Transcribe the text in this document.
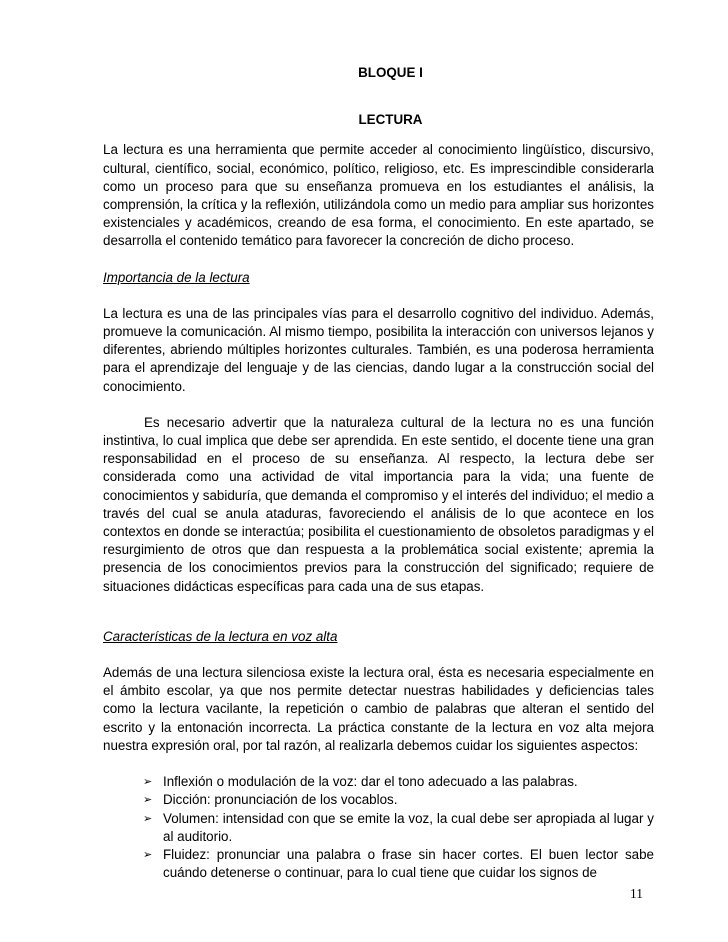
BLOQUE I
LECTURA

La lectura es una herramienta que permite acceder al conocimiento lingüístico, discursivo, cultural, científico, social, económico, político, religioso, etc. Es imprescindible considerarla como un proceso para que su enseñanza promueva en los estudiantes el análisis, la comprensión, la crítica y la reflexión, utilizándola como un medio para ampliar sus horizontes existenciales y académicos, creando de esa forma, el conocimiento. En este apartado, se desarrolla el contenido temático para favorecer la concreción de dicho proceso.

Importancia de la lectura

La lectura es una de las principales vías para el desarrollo cognitivo del individuo. Además, promueve la comunicación. Al mismo tiempo, posibilita la interacción con universos lejanos y diferentes, abriendo múltiples horizontes culturales. También, es una poderosa herramienta para el aprendizaje del lenguaje y de las ciencias, dando lugar a la construcción social del conocimiento.

Es necesario advertir que la naturaleza cultural de la lectura no es una función instintiva, lo cual implica que debe ser aprendida. En este sentido, el docente tiene una gran responsabilidad en el proceso de su enseñanza. Al respecto, la lectura debe ser considerada como una actividad de vital importancia para la vida; una fuente de conocimientos y sabiduría, que demanda el compromiso y el interés del individuo; el medio a través del cual se anula ataduras, favoreciendo el análisis de lo que acontece en los contextos en donde se interactúa; posibilita el cuestionamiento de obsoletos paradigmas y el resurgimiento de otros que dan respuesta a la problemática social existente; apremia la presencia de los conocimientos previos para la construcción del significado; requiere de situaciones didácticas específicas para cada una de sus etapas.

Características de la lectura en voz alta

Además de una lectura silenciosa existe la lectura oral, ésta es necesaria especialmente en el ámbito escolar, ya que nos permite detectar nuestras habilidades y deficiencias tales como la lectura vacilante, la repetición o cambio de palabras que alteran el sentido del escrito y la entonación incorrecta. La práctica constante de la lectura en voz alta mejora nuestra expresión oral, por tal razón, al realizarla debemos cuidar los siguientes aspectos:

➢ Inflexión o modulación de la voz: dar el tono adecuado a las palabras.
➢ Dicción: pronunciación de los vocablos.
➢ Volumen: intensidad con que se emite la voz, la cual debe ser apropiada al lugar y al auditorio.
➢ Fluidez: pronunciar una palabra o frase sin hacer cortes. El buen lector sabe cuándo detenerse o continuar, para lo cual tiene que cuidar los signos de
11
